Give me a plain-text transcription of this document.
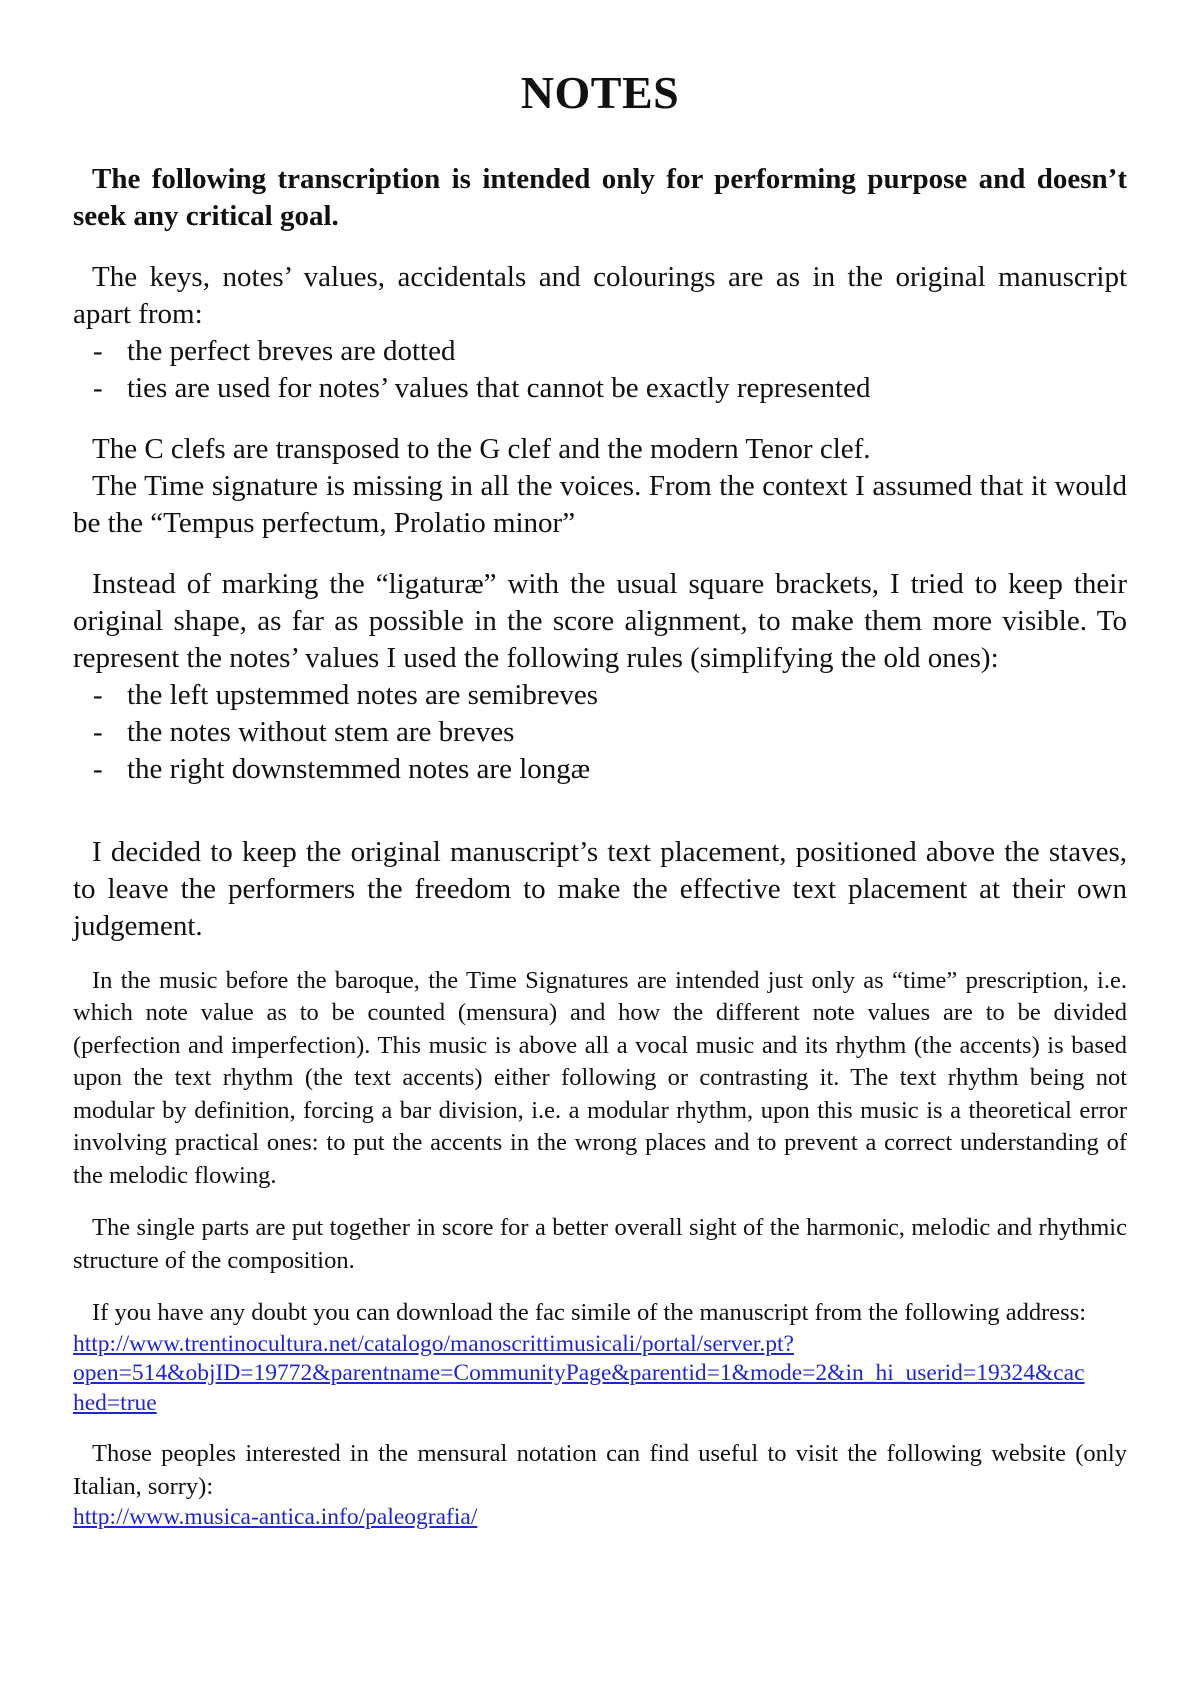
NOTES

The following transcription is intended only for performing purpose and doesn’t seek any critical goal.

The keys, notes’ values, accidentals and colourings are as in the original manuscript apart from:

- the perfect breves are dotted
- ties are used for notes’ values that cannot be exactly represented

The C clefs are transposed to the G clef and the modern Tenor clef.

The Time signature is missing in all the voices. From the context I assumed that it would be the “Tempus perfectum, Prolatio minor”

Instead of marking the “ligaturæ” with the usual square brackets, I tried to keep their original shape, as far as possible in the score alignment, to make them more visible. To represent the notes’ values I used the following rules (simplifying the old ones):

- the left upstemmed notes are semibreves
- the notes without stem are breves
- the right downstemmed notes are longæ

I decided to keep the original manuscript’s text placement, positioned above the staves, to leave the performers the freedom to make the effective text placement at their own judgement.

In the music before the baroque, the Time Signatures are intended just only as “time” prescription, i.e. which note value as to be counted (mensura) and how the different note values are to be divided (perfection and imperfection). This music is above all a vocal music and its rhythm (the accents) is based upon the text rhythm (the text accents) either following or contrasting it. The text rhythm being not modular by definition, forcing a bar division, i.e. a modular rhythm, upon this music is a theoretical error involving practical ones: to put the accents in the wrong places and to prevent a correct understanding of the melodic flowing.

The single parts are put together in score for a better overall sight of the harmonic, melodic and rhythmic structure of the composition.

If you have any doubt you can download the fac simile of the manuscript from the following address:

http://www.trentinocultura.net/catalogo/manoscrittimusicali/portal/server.pt?
open=514&objID=19772&parentname=CommunityPage&parentid=1&mode=2&in_hi_userid=19324&cac
hed=true

Those peoples interested in the mensural notation can find useful to visit the following website (only Italian, sorry):

http://www.musica-antica.info/paleografia/
